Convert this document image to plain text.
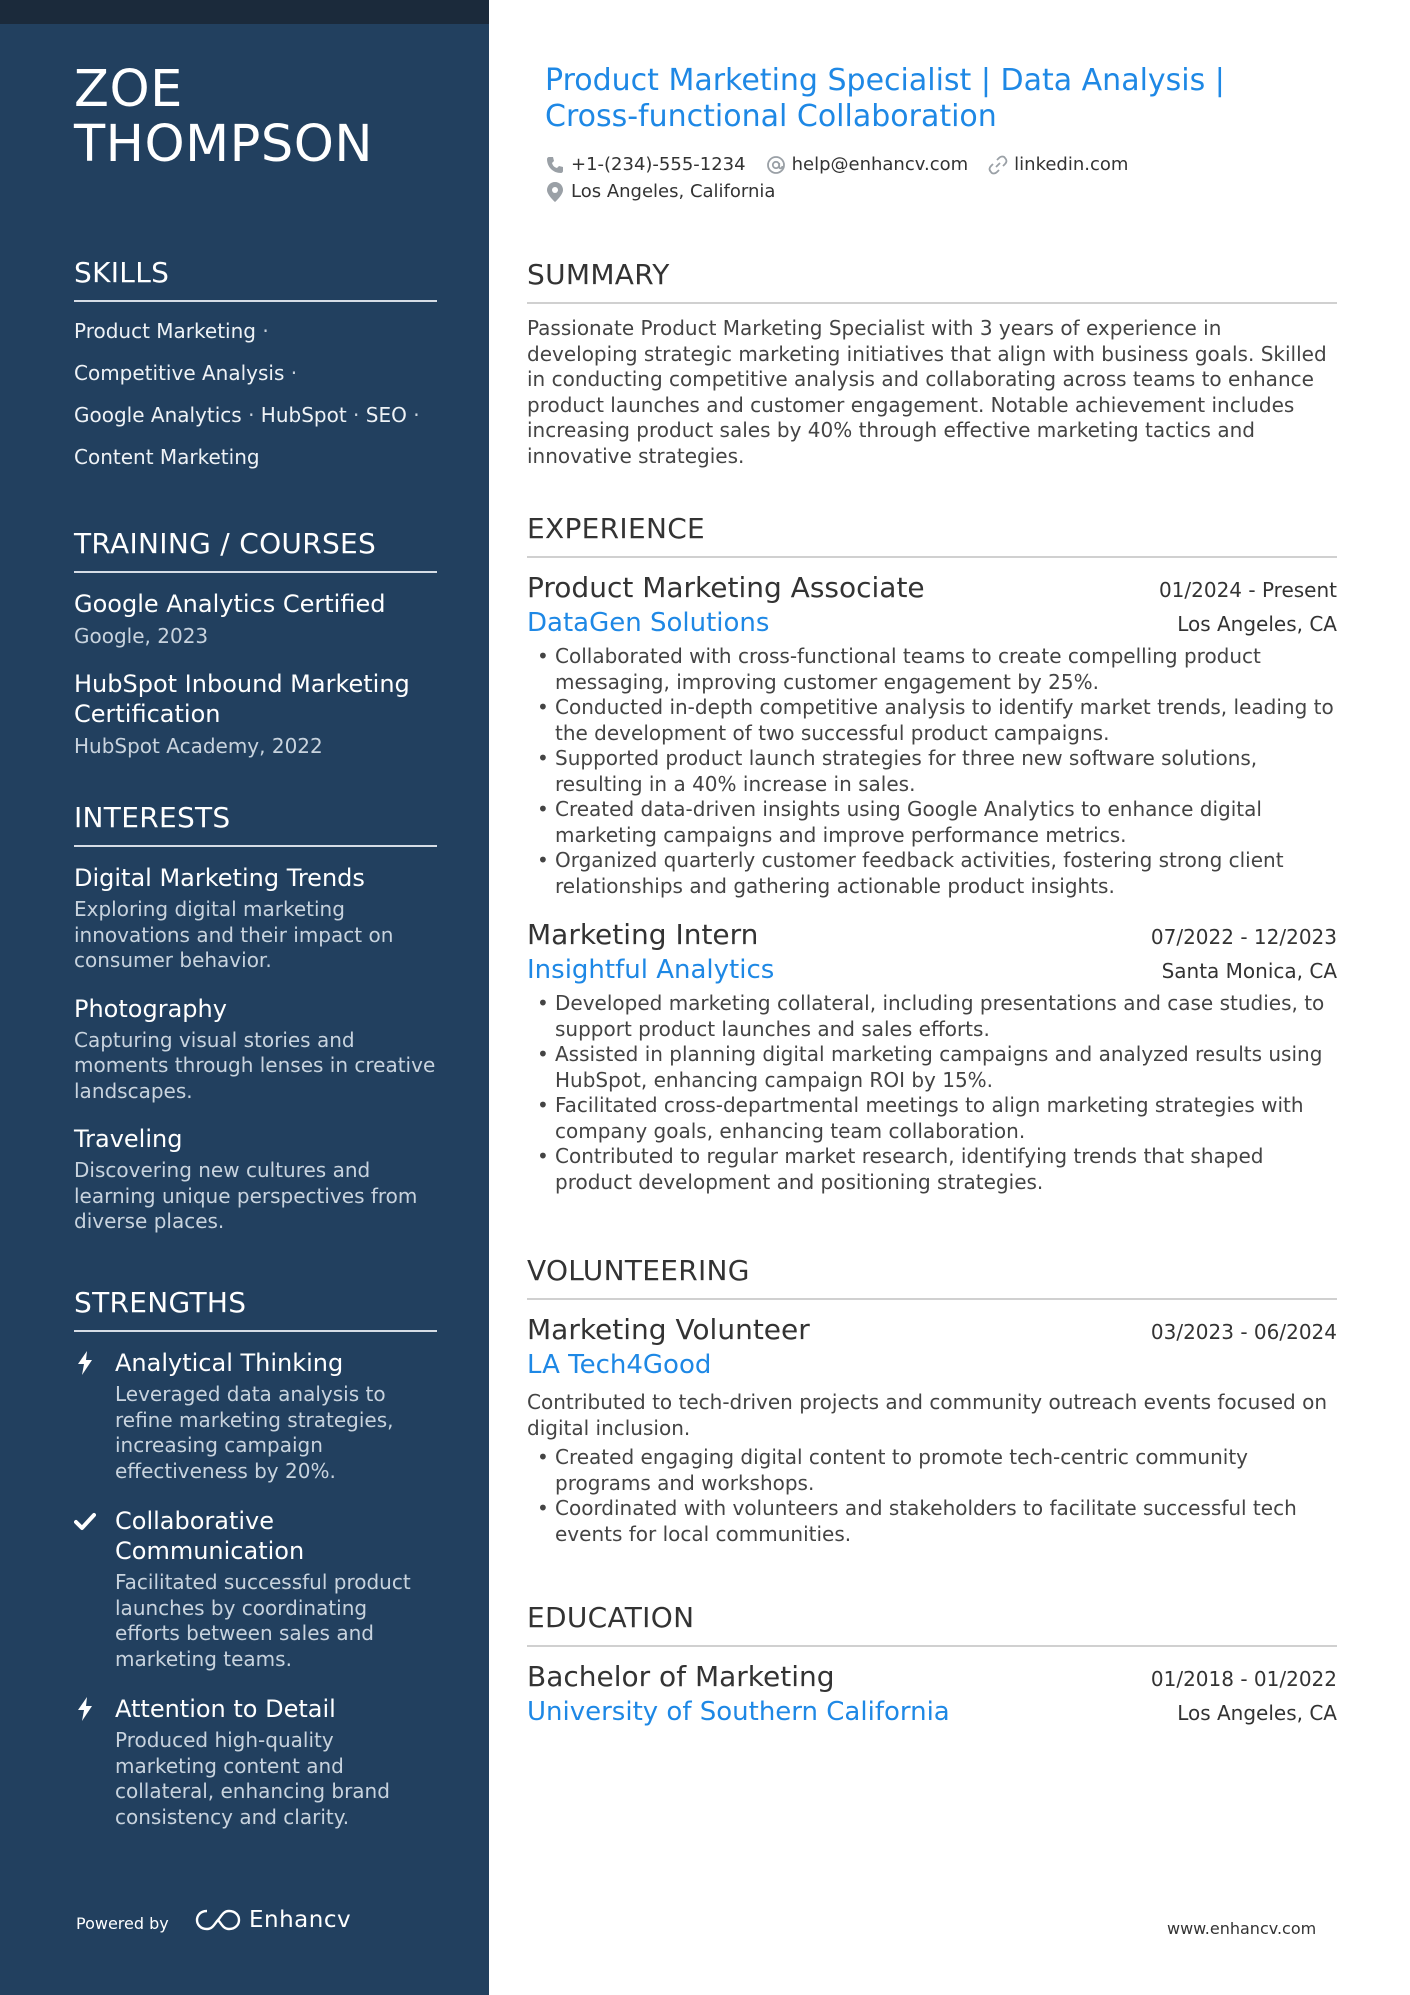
ZOE
THOMPSON
SKILLS
Product Marketing ·
Competitive Analysis ·
Google Analytics · HubSpot · SEO ·
Content Marketing
TRAINING / COURSES
Google Analytics Certified
Google, 2023
HubSpot Inbound Marketing Certification
HubSpot Academy, 2022
INTERESTS
Digital Marketing Trends
Exploring digital marketing innovations and their impact on consumer behavior.
Photography
Capturing visual stories and moments through lenses in creative landscapes.
Traveling
Discovering new cultures and learning unique perspectives from diverse places.
STRENGTHS
Analytical Thinking
Leveraged data analysis to refine marketing strategies, increasing campaign effectiveness by 20%.
Collaborative Communication
Facilitated successful product launches by coordinating efforts between sales and marketing teams.
Attention to Detail
Produced high-quality marketing content and collateral, enhancing brand consistency and clarity.
Powered by	Enhancv
Product Marketing Specialist | Data Analysis | Cross-functional Collaboration
+1-(234)-555-1234	help@enhancv.com	linkedin.com
Los Angeles, California
SUMMARY
Passionate Product Marketing Specialist with 3 years of experience in developing strategic marketing initiatives that align with business goals. Skilled in conducting competitive analysis and collaborating across teams to enhance product launches and customer engagement. Notable achievement includes increasing product sales by 40% through effective marketing tactics and innovative strategies.
EXPERIENCE
Product Marketing Associate	01/2024 - Present
DataGen Solutions	Los Angeles, CA
• Collaborated with cross-functional teams to create compelling product messaging, improving customer engagement by 25%.
• Conducted in-depth competitive analysis to identify market trends, leading to the development of two successful product campaigns.
• Supported product launch strategies for three new software solutions, resulting in a 40% increase in sales.
• Created data-driven insights using Google Analytics to enhance digital marketing campaigns and improve performance metrics.
• Organized quarterly customer feedback activities, fostering strong client relationships and gathering actionable product insights.
Marketing Intern	07/2022 - 12/2023
Insightful Analytics	Santa Monica, CA
• Developed marketing collateral, including presentations and case studies, to support product launches and sales efforts.
• Assisted in planning digital marketing campaigns and analyzed results using HubSpot, enhancing campaign ROI by 15%.
• Facilitated cross-departmental meetings to align marketing strategies with company goals, enhancing team collaboration.
• Contributed to regular market research, identifying trends that shaped product development and positioning strategies.
VOLUNTEERING
Marketing Volunteer	03/2023 - 06/2024
LA Tech4Good
Contributed to tech-driven projects and community outreach events focused on digital inclusion.
• Created engaging digital content to promote tech-centric community programs and workshops.
• Coordinated with volunteers and stakeholders to facilitate successful tech events for local communities.
EDUCATION
Bachelor of Marketing	01/2018 - 01/2022
University of Southern California	Los Angeles, CA
www.enhancv.com
